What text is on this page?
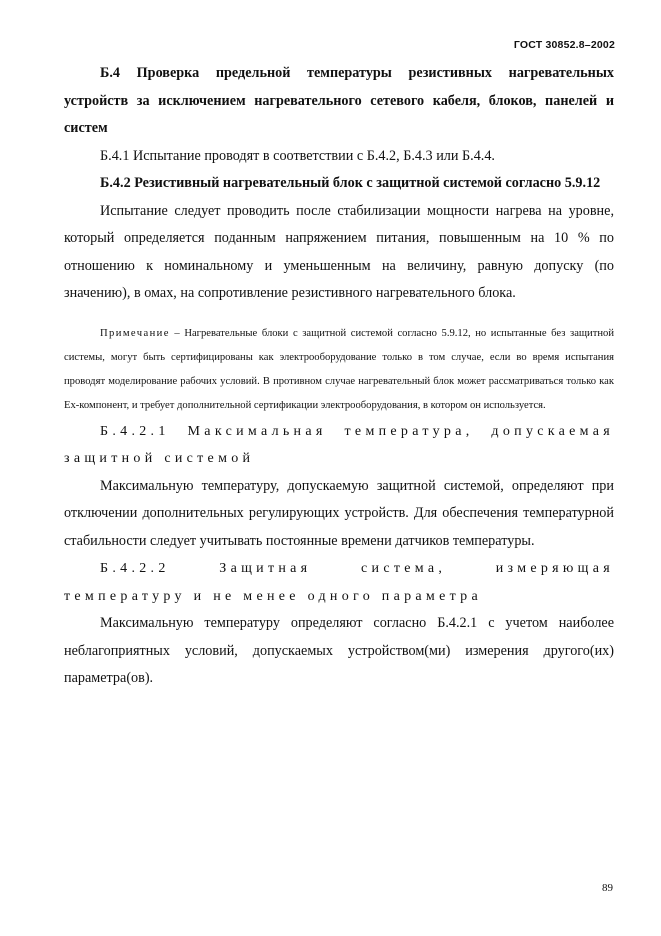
ГОСТ 30852.8–2002

Б.4 Проверка предельной температуры резистивных нагревательных устройств за исключением нагревательного сетевого кабеля, блоков, панелей и систем

Б.4.1 Испытание проводят в соответствии с Б.4.2, Б.4.3 или Б.4.4.

Б.4.2 Резистивный нагревательный блок с защитной системой согласно 5.9.12

Испытание следует проводить после стабилизации мощности нагрева на уровне, который определяется поданным напряжением питания, повышенным на 10 % по отношению к номинальному и уменьшенным на величину, равную допуску (по значению), в омах, на сопротивление резистивного нагревательного блока.

Примечание – Нагревательные блоки с защитной системой согласно 5.9.12, но испытанные без защитной системы, могут быть сертифицированы как электрооборудование только в том случае, если во время испытания проводят моделирование рабочих условий. В противном случае нагревательный блок может рассматриваться только как Ex-компонент, и требует дополнительной сертификации электрооборудования, в котором он используется.

Б.4.2.1 Максимальная температура, допускаемая защитной системой

Максимальную температуру, допускаемую защитной системой, определяют при отключении дополнительных регулирующих устройств. Для обеспечения температурной стабильности следует учитывать постоянные времени датчиков температуры.

Б.4.2.2 Защитная система, измеряющая температуру и не менее одного параметра

Максимальную температуру определяют согласно Б.4.2.1 с учетом наиболее неблагоприятных условий, допускаемых устройством(ми) измерения другого(их) параметра(ов).

89
